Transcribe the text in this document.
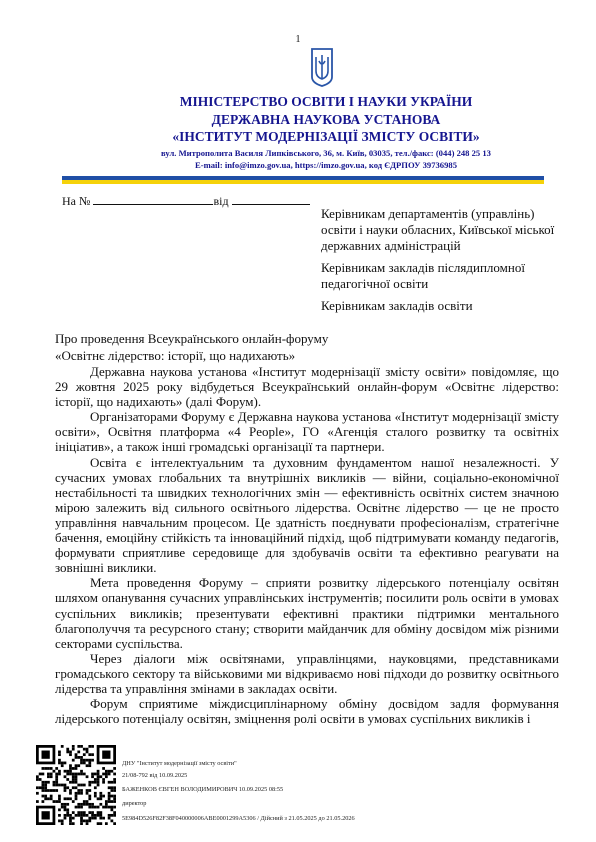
1
МІНІСТЕРСТВО ОСВІТИ І НАУКИ УКРАЇНИ
ДЕРЖАВНА НАУКОВА УСТАНОВА
«ІНСТИТУТ МОДЕРНІЗАЦІЇ ЗМІСТУ ОСВІТИ»
вул. Митрополита Василя Липківського, 36, м. Київ, 03035, тел./факс: (044) 248 25 13
E-mail: info@imzo.gov.ua, https://imzo.gov.ua, код ЄДРПОУ 39736985
На №	від
Керівникам департаментів (управлінь) освіти і науки обласних, Київської міської державних адміністрацій
Керівникам закладів післядипломної педагогічної освіти
Керівникам закладів освіти
Про проведення Всеукраїнського онлайн-форуму
«Освітнє лідерство: історії, що надихають»

Державна наукова установа «Інститут модернізації змісту освіти» повідомляє, що 29 жовтня 2025 року відбудеться Всеукраїнський онлайн-форум «Освітнє лідерство: історії, що надихають» (далі Форум).

Організаторами Форуму є Державна наукова установа «Інститут модернізації змісту освіти», Освітня платформа «4 People», ГО «Агенція сталого розвитку та освітніх ініціатив», а також інші громадські організації та партнери.

Освіта є інтелектуальним та духовним фундаментом нашої незалежності. У сучасних умовах глобальних та внутрішніх викликів — війни, соціально-економічної нестабільності та швидких технологічних змін — ефективність освітніх систем значною мірою залежить від сильного освітнього лідерства. Освітнє лідерство — це не просто управління навчальним процесом. Це здатність поєднувати професіоналізм, стратегічне бачення, емоційну стійкість та інноваційний підхід, щоб підтримувати команду педагогів, формувати сприятливе середовище для здобувачів освіти та ефективно реагувати на зовнішні виклики.

Мета проведення Форуму – сприяти розвитку лідерського потенціалу освітян шляхом опанування сучасних управлінських інструментів; посилити роль освіти в умовах суспільних викликів; презентувати ефективні практики підтримки ментального благополуччя та ресурсного стану; створити майданчик для обміну досвідом між різними секторами суспільства.

Через діалоги між освітянами, управлінцями, науковцями, представниками громадського сектору та військовими ми відкриваємо нові підходи до розвитку освітнього лідерства та управління змінами в закладах освіти.

Форум сприятиме міждисциплінарному обміну досвідом задля формування лідерського потенціалу освітян, зміцнення ролі освіти в умовах суспільних викликів і

ДНУ "Інститут модернізації змісту освіти"
21/08-792 від 10.09.2025
БАЖЕНКОВ ЄВГЕН ВОЛОДИМИРОВИЧ 10.09.2025 08:55
директор
5E984D526F82F38F040000006ABE0001299A5306 / Дійсний з 21.05.2025 до 21.05.2026
